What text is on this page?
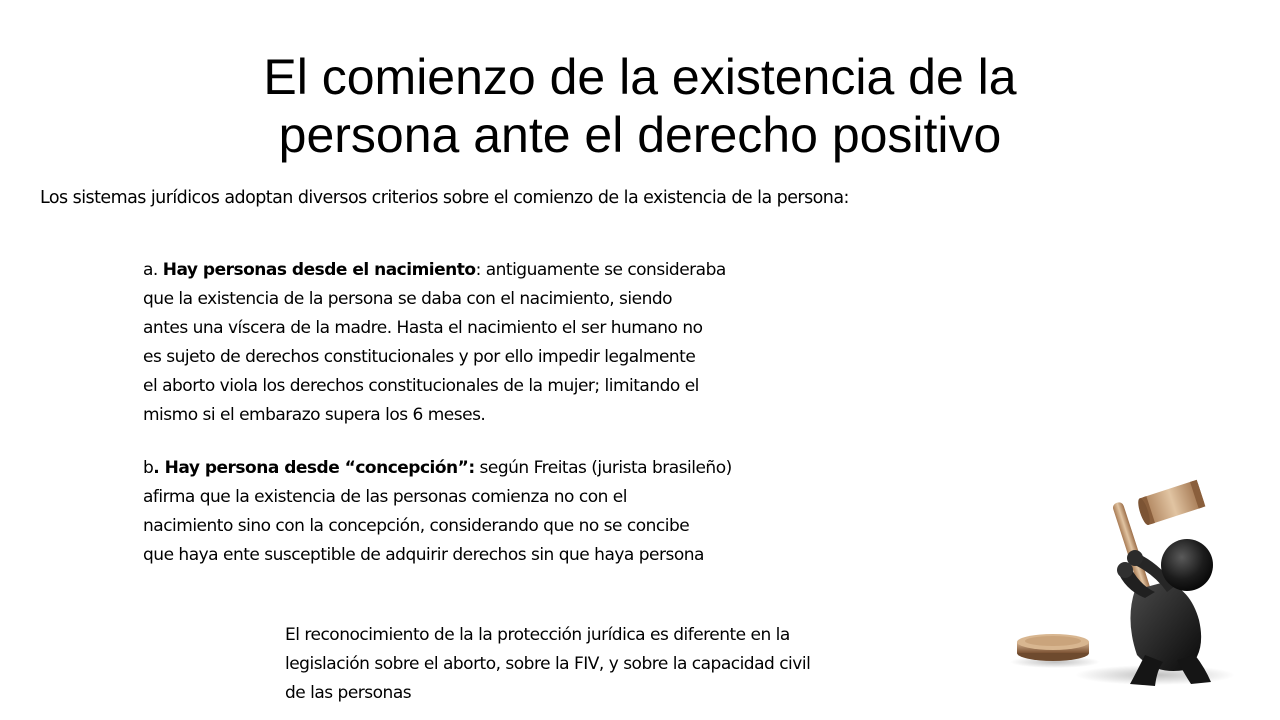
El comienzo de la existencia de la
persona ante el derecho positivo
Los sistemas jurídicos adoptan diversos criterios sobre el comienzo de la existencia de la persona:
a. Hay personas desde el nacimiento: antiguamente se consideraba
que la existencia de la persona se daba con el nacimiento, siendo
antes una víscera de la madre. Hasta el nacimiento el ser humano no
es sujeto de derechos constitucionales y por ello impedir legalmente
el aborto viola los derechos constitucionales de la mujer; limitando el
mismo si el embarazo supera los 6 meses.
b. Hay persona desde “concepción”: según Freitas (jurista brasileño)
afirma que la existencia de las personas comienza no con el
nacimiento sino con la concepción, considerando que no se concibe
que haya ente susceptible de adquirir derechos sin que haya persona
El reconocimiento de la la protección jurídica es diferente en la
legislación sobre el aborto, sobre la FIV, y sobre la capacidad civil
de las personas
